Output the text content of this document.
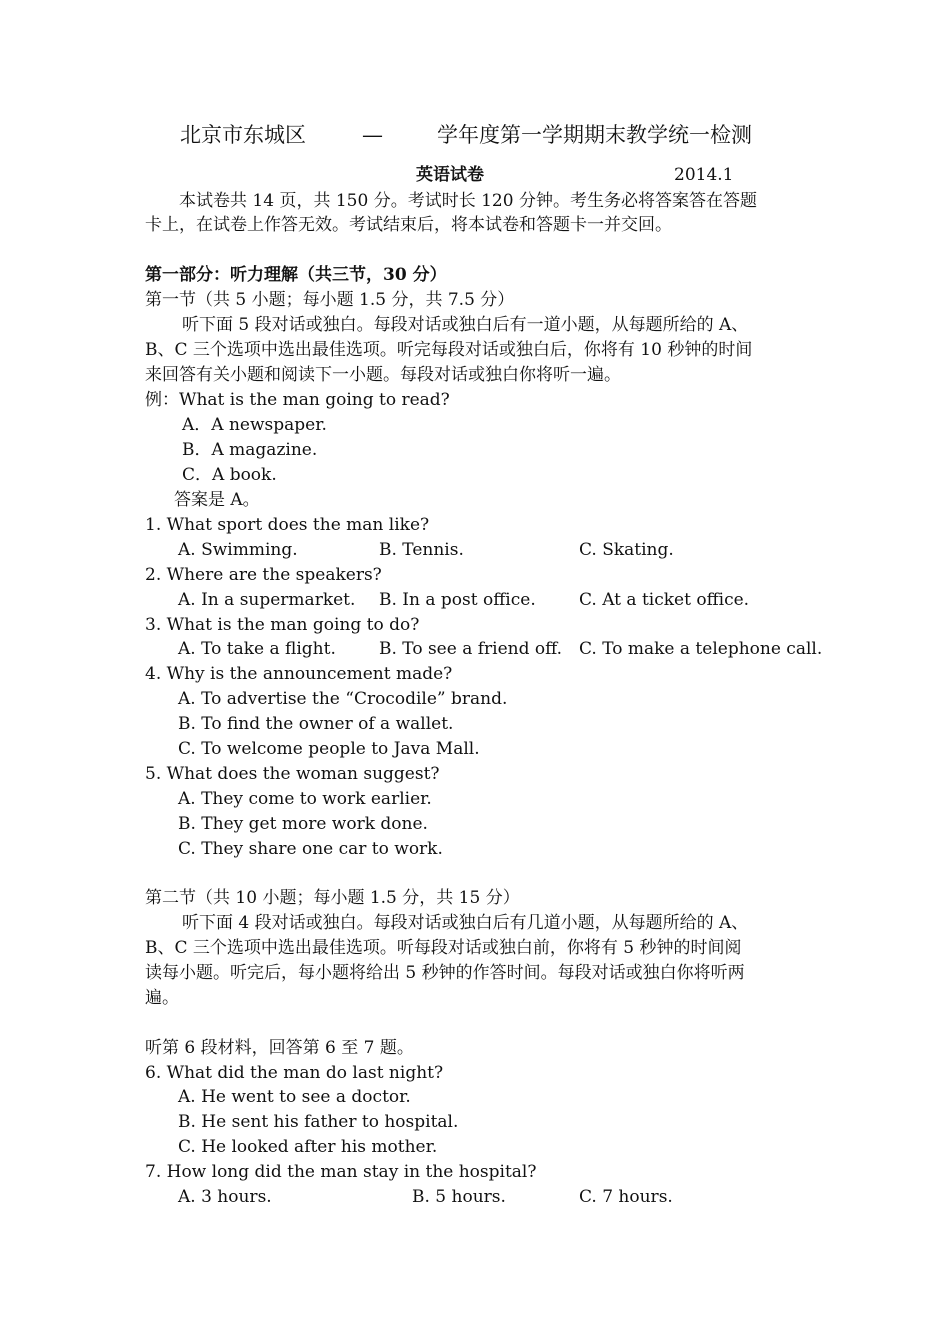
北京市东城区	—	学年度第一学期期末教学统一检测
英语试卷	2014.1
本试卷共 14 页，共 150 分。考试时长 120 分钟。考生务必将答案答在答题
卡上，在试卷上作答无效。考试结束后，将本试卷和答题卡一并交回。
第一部分：听力理解（共三节，30 分）
第一节（共 5 小题；每小题 1.5 分，共 7.5 分）
听下面 5 段对话或独白。每段对话或独白后有一道小题，从每题所给的 A、
B、C 三个选项中选出最佳选项。听完每段对话或独白后，你将有 10 秒钟的时间
来回答有关小题和阅读下一小题。每段对话或独白你将听一遍。
例：What is the man going to read?
A．A newspaper.
B．A magazine.
C．A book.
答案是 A。
1. What sport does the man like?
A. Swimming.	B. Tennis.	C. Skating.
2. Where are the speakers?
A. In a supermarket. B. In a post office.	C. At a ticket office.
3. What is the man going to do?
A. To take a flight.	B. To see a friend off. C. To make a telephone call.
4. Why is the announcement made?
A. To advertise the “Crocodile” brand.
B. To find the owner of a wallet.
C. To welcome people to Java Mall.
5. What does the woman suggest?
A. They come to work earlier.
B. They get more work done.
C. They share one car to work.
第二节（共 10 小题；每小题 1.5 分，共 15 分）
听下面 4 段对话或独白。每段对话或独白后有几道小题，从每题所给的 A、
B、C 三个选项中选出最佳选项。听每段对话或独白前，你将有 5 秒钟的时间阅
读每小题。听完后，每小题将给出 5 秒钟的作答时间。每段对话或独白你将听两
遍。
听第 6 段材料，回答第 6 至 7 题。
6. What did the man do last night?
A. He went to see a doctor.
B. He sent his father to hospital.
C. He looked after his mother.
7. How long did the man stay in the hospital?
A. 3 hours.	B. 5 hours.	C. 7 hours.
